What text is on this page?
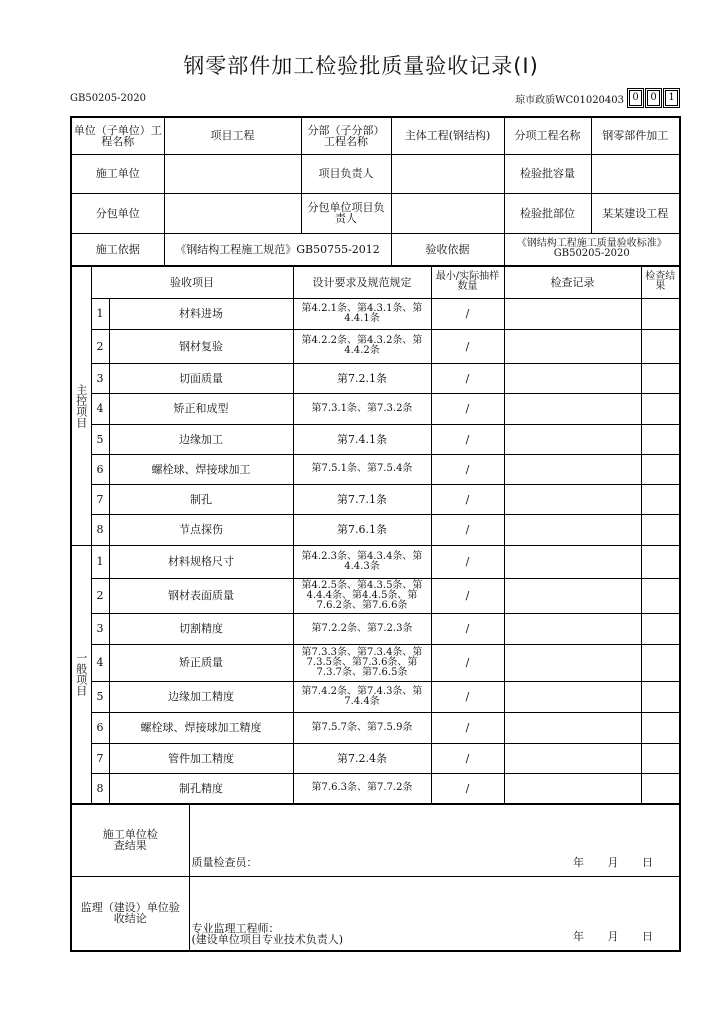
钢零部件加工检验批质量验收记录(Ⅰ)
GB50205-2020	琼市政质WC01020403 0	0	1
单位（子单位）工程名称	项目工程	分部（子分部）工程名称	主体工程(钢结构)	分项工程名称	钢零部件加工
施工单位		项目负责人		检验批容量	
分包单位		分包单位项目负责人		检验批部位	某某建设工程
施工依据	《钢结构工程施工规范》GB50755-2012		验收依据	《钢结构工程施工质量验收标准》GB50205-2020	
主控项目	验收项目		设计要求及规范规定	最小/实际抽样数量	检查记录	检查结果
	1	材料进场	第4.2.1条、第4.3.1条、第4.4.1条	/		
	2	钢材复验	第4.2.2条、第4.3.2条、第4.4.2条	/		
	3	切面质量	第7.2.1条	/		
	4	矫正和成型	第7.3.1条、第7.3.2条	/		
	5	边缘加工	第7.4.1条	/		
	6	螺栓球、焊接球加工	第7.5.1条、第7.5.4条	/		
	7	制孔	第7.7.1条	/		
	8	节点探伤	第7.6.1条	/		
一般项目	1	材料规格尺寸	第4.2.3条、第4.3.4条、第4.4.3条	/		
	2	钢材表面质量	第4.2.5条、第4.3.5条、第4.4.4条、第4.4.5条、第7.6.2条、第7.6.6条	/		
	3	切割精度	第7.2.2条、第7.2.3条	/		
	4	矫正质量	第7.3.3条、第7.3.4条、第7.3.5条、第7.3.6条、第7.3.7条、第7.6.5条	/		
	5	边缘加工精度	第7.4.2条、第7.4.3条、第7.4.4条	/		
	6	螺栓球、焊接球加工精度	第7.5.7条、第7.5.9条	/		
	7	管件加工精度	第7.2.4条	/		
	8	制孔精度	第7.6.3条、第7.7.2条	/		
施工单位检查结果	质量检查员： 年 月 日

监理（建设）单位验收结论	专业监理工程师：
(建设单位项目专业技术负责人) 年 月 日
